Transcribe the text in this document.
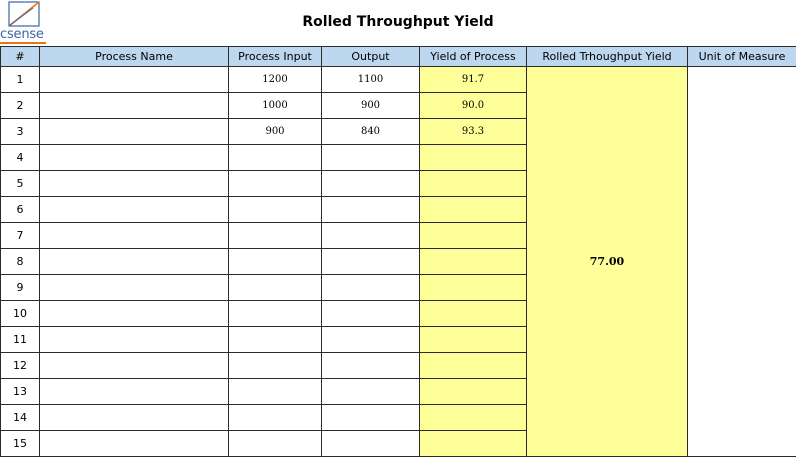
csense
Rolled Throughput Yield
#	Process Name	Process Input	Output	Yield of Process	Rolled Trhoughput Yield	Unit of Measure
1		1200	1100	91.7	77.00	
2		1000	900	90.0		
3		900	840	93.3		
4						
5						
6						
7						
8						
9						
10						
11						
12						
13						
14						
15						
